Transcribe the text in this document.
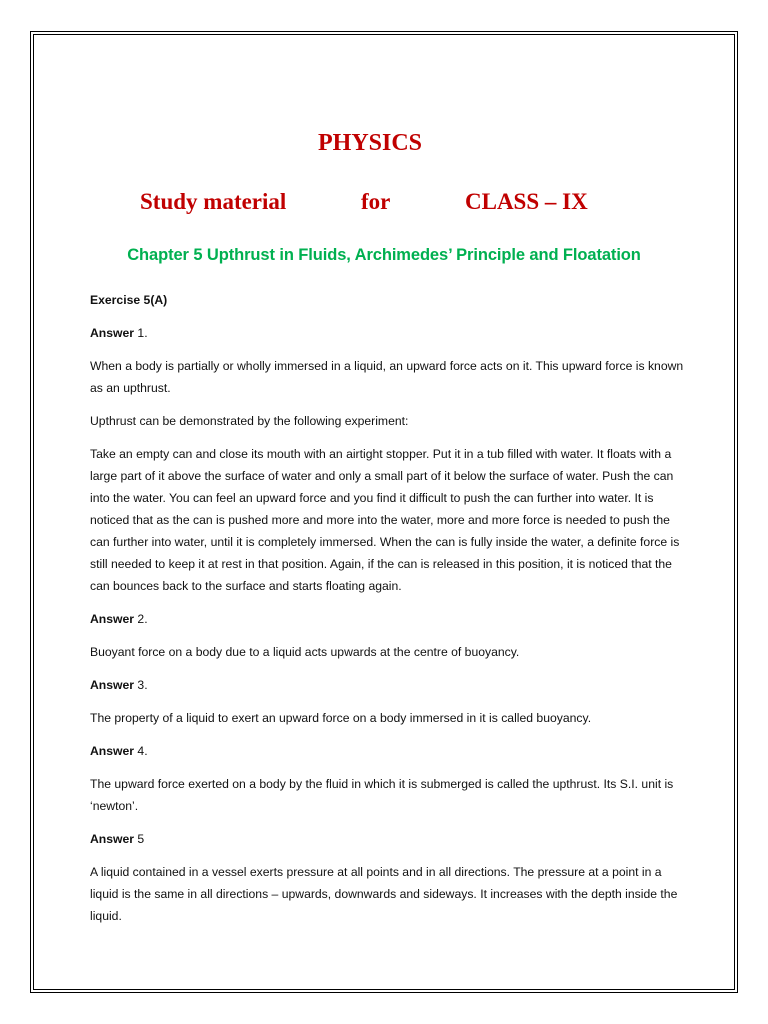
PHYSICS
Study material	for	CLASS – IX
Chapter 5 Upthrust in Fluids, Archimedes’ Principle and Floatation

Exercise 5(A)

Answer 1.

When a body is partially or wholly immersed in a liquid, an upward force acts on it. This upward force is known as an upthrust.

Upthrust can be demonstrated by the following experiment:

Take an empty can and close its mouth with an airtight stopper. Put it in a tub filled with water. It floats with a large part of it above the surface of water and only a small part of it below the surface of water. Push the can into the water. You can feel an upward force and you find it difficult to push the can further into water. It is noticed that as the can is pushed more and more into the water, more and more force is needed to push the can further into water, until it is completely immersed. When the can is fully inside the water, a definite force is still needed to keep it at rest in that position. Again, if the can is released in this position, it is noticed that the can bounces back to the surface and starts floating again.

Answer 2.

Buoyant force on a body due to a liquid acts upwards at the centre of buoyancy.

Answer 3.

The property of a liquid to exert an upward force on a body immersed in it is called buoyancy.

Answer 4.

The upward force exerted on a body by the fluid in which it is submerged is called the upthrust. Its S.I. unit is ‘newton’.

Answer 5

A liquid contained in a vessel exerts pressure at all points and in all directions. The pressure at a point in a liquid is the same in all directions – upwards, downwards and sideways. It increases with the depth inside the liquid.
